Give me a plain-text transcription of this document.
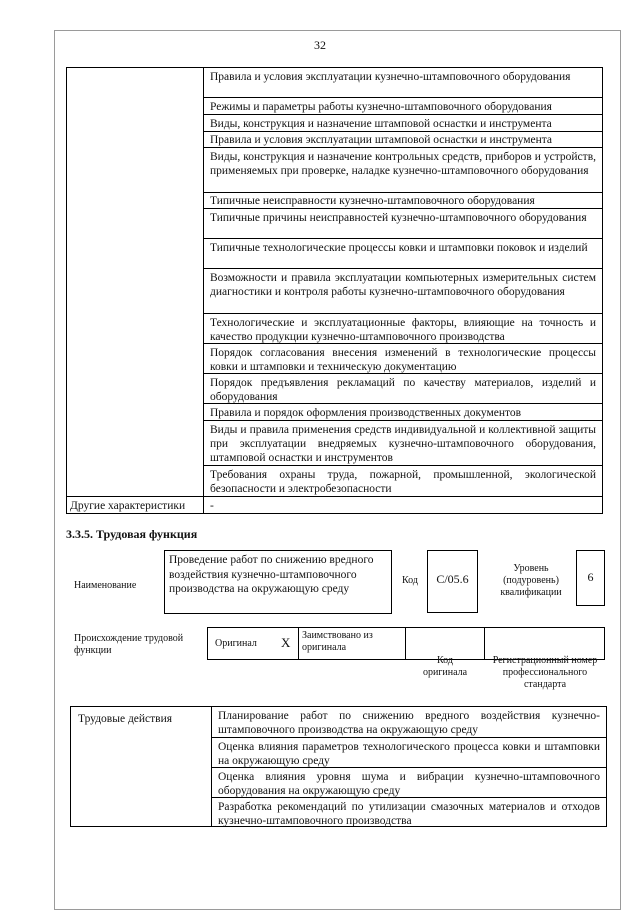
32
Правила и условия эксплуатации кузнечно-штамповочного оборудования
Режимы и параметры работы кузнечно-штамповочного оборудования
Виды, конструкция и назначение штамповой оснастки и инструмента
Правила и условия эксплуатации штамповой оснастки и инструмента
Виды, конструкция и назначение контрольных средств, приборов и устройств, применяемых при проверке, наладке кузнечно-штамповочного оборудования
Типичные неисправности кузнечно-штамповочного оборудования
Типичные причины неисправностей кузнечно-штамповочного оборудования
Типичные технологические процессы ковки и штамповки поковок и изделий
Возможности и правила эксплуатации компьютерных измерительных систем диагностики и контроля работы кузнечно-штамповочного оборудования
Технологические и эксплуатационные факторы, влияющие на точность и качество продукции кузнечно-штамповочного производства
Порядок согласования внесения изменений в технологические процессы ковки и штамповки и техническую документацию
Порядок предъявления рекламаций по качеству материалов, изделий и оборудования
Правила и порядок оформления производственных документов
Виды и правила применения средств индивидуальной и коллективной защиты при эксплуатации внедряемых кузнечно-штамповочного оборудования, штамповой оснастки и инструментов
Требования охраны труда, пожарной, промышленной, экологической безопасности и электробезопасности
Другие характеристики	-
3.3.5. Трудовая функция
Наименование
Проведение работ по снижению вредного воздействия кузнечно-штамповочного производства на окружающую среду
Код	C/05.6
Уровень (подуровень) квалификации
6
Происхождение трудовой функции
Оригинал X	Заимствовано из оригинала
Код оригинала
Регистрационный номер профессионального стандарта
Трудовые действия	Планирование работ по снижению вредного воздействия кузнечно-штамповочного производства на окружающую среду
Оценка влияния параметров технологического процесса ковки и штамповки на окружающую среду
Оценка влияния уровня шума и вибрации кузнечно-штамповочного оборудования на окружающую среду
Разработка рекомендаций по утилизации смазочных материалов и отходов кузнечно-штамповочного производства
